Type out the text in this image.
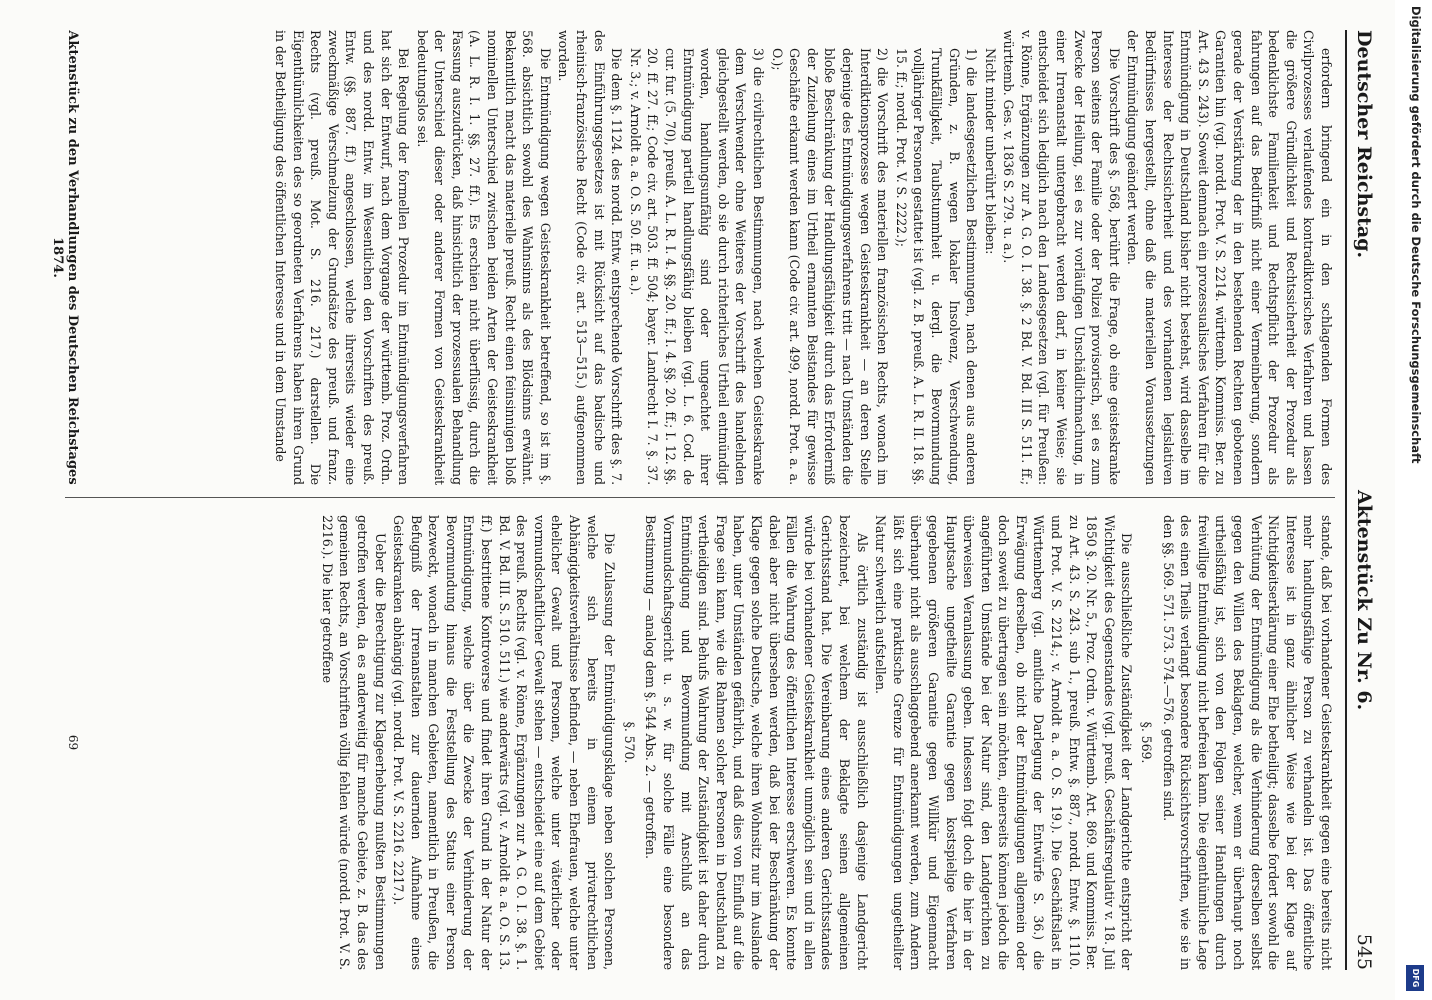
Deutscher Reichstag.
Aktenstück Zu Nr. 6.
545

erfordern bringend ein in den schlagenden Formen des Civilprozesses verlaufendes kontradiktorisches Verfahren und lassen die größere Gründlichkeit und Rechtssicherheit der Prozedur als bedenklichste Familienkeit und Rechtspflicht der Prozedur als fahrungen auf das Bedürfniß nicht einer Vermeinberung, sondern gerade der Verstärkung der in den bestehenden Rechten gebotenen Garantien hin (vgl. nordd. Prot. V. S. 2214. württemb. Kommiss. Ber. zu Art. 43 S. 243). Soweit demnach ein prozessualisches Verfahren für die Entmündigung in Deutschland bisher nicht bestehst, wird dasselbe im Interesse der Rechtssicherheit und des vorhandenen legislativen Bedürfnisses hergestellt, ohne daß die materiellen Voraussetzungen der Entmündigung geändert werden.

Die Vorschrift des §. 568, berührt die Frage, ob eine geisteskranke Person seitens der Familie oder der Polizei provisorisch, sei es zum Zwecke der Heilung, sei es zur vorläufigen Unschädlichmachung, in einer Irrenanstalt untergebracht werden darf, in keiner Weise; sie entscheidet sich lediglich nach den Landesgesetzen (vgl. für Preußen: v. Rönne, Ergänzungen zur A. G. O. I. 38. §. 2 Bd. V. Bd. III S. 511. ff.; württemb. Ges. v. 1836 S. 279. u. a.).

Nicht minder unberührt bleiben:

1) die landesgesetzlichen Bestimmungen, nach denen aus anderen Gründen, z. B. wegen lokaler Insolvenz, Verschwendung, Trunkfälligkeit, Taubstummheit u. dergl. die Bevormundung volljähriger Personen gestattet ist (vgl. z. B. preuß. A. L. R. II. 18. §§. 15. ff.; nordd. Prot. V. S. 2222.);

2) die Vorschrift des materiellen französischen Rechts, wonach im Interdiktionsprozesse wegen Geisteskrankheit — an deren Stelle derjenige des Entmündigungsverfahrens tritt — nach Umständen die bloße Beschränkung der Handlungsfähigkeit durch das Erforderniß der Zuziehung eines im Urtheil ernannten Beistandes für gewisse Geschäfte erkannt werden kann (Code civ. art. 499, nordd. Prot. a. a. O.);

3) die civilrechtlichen Bestimmungen, nach welchen Geisteskranke dem Verschwender ohne Weiteres der Vorschrift des handelnden gleichgestellt werden, ob sie durch richterliches Urtheil entmündigt worden, handlungsunfähig sind oder ungeachtet ihrer Entmündigung partiell handlungsfähig bleiben (vgl. L. 6. Cod. de cur. fur. (5. 70), preuß. A. L. R. I. 4. §§. 20. ff.; I. 4. §§. 20. ff.; I. 12. §§. 20. ff. 27. ff.; Code civ. art. 503. ff. 504; bayer. Landrecht I. 7. §. 37. Nr. 3.; v. Arnoldt a. a. O. S. 50. ff. u. a.).

Die dem §. 1124. des nordd. Entw. entsprechende Vorschrift des §. 7. des Einführungsgesetzes ist mit Rücksicht auf das badische und rheinisch-französische Recht (Code civ. art. 513—515.) aufgenommen worden.

Die Entmündigung wegen Geisteskrankheit betreffend, so ist im §. 568. absichtlich sowohl des Wahnsinns als des Blödsinns erwähnt. Bekanntlich macht das materielle preuß. Recht einen feinsinnigen bloß nominellen Unterschied zwischen beiden Arten der Geisteskrankheit (A. L. R. I. 1. §§. 27. ff.). Es erschien nicht überflüssig, durch die Fassung auszudrücken, daß hinsichtlich der prozessualen Behandlung der Unterschied dieser oder anderer Formen von Geisteskrankheit bedeutungslos sei.

Bei Regelung der formellen Prozedur im Entmündigungsverfahren hat sich der Entwurf, nach dem Vorgange der württemb. Proz. Ordn. und des nordd. Entw. im Wesentlichen den Vorschriften des preuß. Entw. (§§. 887. ff.) angeschlossen, welche ihrerseits wieder eine zweckmäßige Verschmelzung der Grundsätze des preuß. und franz. Rechts (vgl. preuß. Mot. S. 216. 217.) darstellen. Die Eigenthümlichkeiten des so geordneten Verfahrens haben ihren Grund in der Betheiligung des öffentlichen Interesse und in dem Umstande

stande, daß bei vorhandener Geisteskrankheit gegen eine bereits nicht mehr handlungsfähige Person zu verhandeln ist. Das öffentliche Interesse ist in ganz ähnlicher Weise wie bei der Klage auf Nichtigkeitserklärung einer Ehe betheiligt; dasselbe fordert sowohl die Verhütung der Entmündigung als die Verhinderung derselben selbst gegen den Willen des Beklagten, welcher, wenn er überhaupt noch urtheilsfähig ist, sich von den Folgen seiner Handlungen durch freiwillige Entmündigung nicht befreien kann. Die eigenthümliche Lage des einen Theils verlangt besondere Rücksichtsvorschriften, wie sie in den §§. 569. 571. 573. 574.—576. getroffen sind.

§. 569.

Die ausschließliche Zuständigkeit der Landgerichte entspricht der Wichtigkeit des Gegenstandes (vgl. preuß. Geschäftsregulativ v. 18. Juli 1850 §. 20. Nr. 5., Proz. Ordn. v. Württemb. Art. 869. und Kommiss. Ber. zu Art. 43. S. 243. sub 1., preuß. Entw. §. 887., nordd. Entw. §. 1110. und Prot. V. S. 2214.; v. Arnoldt a. a. O. S. 19.). Die Geschäftslast in Württemberg (vgl. amtliche Darlegung der Entwürfe S. 36.) die Erwägung derselben, ob nicht der Entmündigungen allgemein oder doch soweit zu übertragen sein möchten, einerseits können jedoch die angeführten Umstände bei der Natur sind, den Landgerichten zu überweisen Veranlassung geben. Indessen folgt doch die hier in der Hauptsache ungetheilte Garantie gegen kostspielige Verfahren gegebenen größeren Garantie gegen Willkür und Eigenmacht überhaupt nicht als ausschlaggebend anerkannt werden, zum Andern läßt sich eine praktische Grenze für Entmündigungen ungetheilter Natur schwerlich aufstellen.

Als örtlich zuständig ist ausschließlich dasjenige Landgericht bezeichnet, bei welchem der Beklagte seinen allgemeinen Gerichtsstand hat. Die Vereinbarung eines anderen Gerichtsstandes würde bei vorhandener Geisteskrankheit unmöglich sein und in allen Fällen die Wahrung des öffentlichen Interesse erschweren. Es konnte dabei aber nicht übersehen werden, daß bei der Beschränkung der Klage gegen solche Deutsche, welche ihren Wohnsitz nur im Auslande haben, unter Umständen gefährlich, und daß dies von Einfluß auf die Frage sein kann, wie die Rahmen solcher Personen in Deutschland zu vertheidigen sind. Behufs Wahrung der Zuständigkeit ist daher durch Entmündigung und Bevormundung mit Anschluß an das Vormundschaftsgericht u. s. w. für solche Fälle eine besondere Bestimmung — analog dem §. 544 Abs. 2. — getroffen.

§. 570.

Die Zulassung der Entmündigungsklage neben solchen Personen, welche sich bereits in einem privatrechtlichen Abhängigkeitsverhältnisse befinden, — neben Ehefrauen, welche unter ehelicher Gewalt und Personen, welche unter väterlicher oder vormundschaftlicher Gewalt stehen — entscheidet eine auf dem Gebiet des preuß. Rechts (vgl. v. Rönne, Ergänzungen zur A. G. O. I. 38. §. 1. Bd. V. Bd. III. S. 510. 511.) wie anderwärts (vgl. v. Arnoldt a. a. O. S. 13. ff.) bestrittene Kontroverse und findet ihren Grund in der Natur der Entmündigung, welche über die Zwecke der Verhinderung der Bevormundung hinaus die Feststellung des Status einer Person bezweckt, wonach in manchen Gebieten, namentlich in Preußen, die Befugniß der Irrenanstalten zur dauernden Aufnahme eines Geisteskranken abhängig (vgl. nordd. Prot. V. S. 2216. 2217.).

Ueber die Berechtigung zur Klageerhebung mußten Bestimmungen getroffen werden, da es anderweitig für manche Gebiete, z. B. das des gemeinen Rechts, an Vorschriften völlig fehlen würde (nordd. Prot. V. S. 2216.). Die hier getroffene

Aktenstück zu den Verhandlungen des Deutschen Reichstages 1874.
69
Digitalisierung gefördert durch die Deutsche Forschungsgemeinschaft
DFG
